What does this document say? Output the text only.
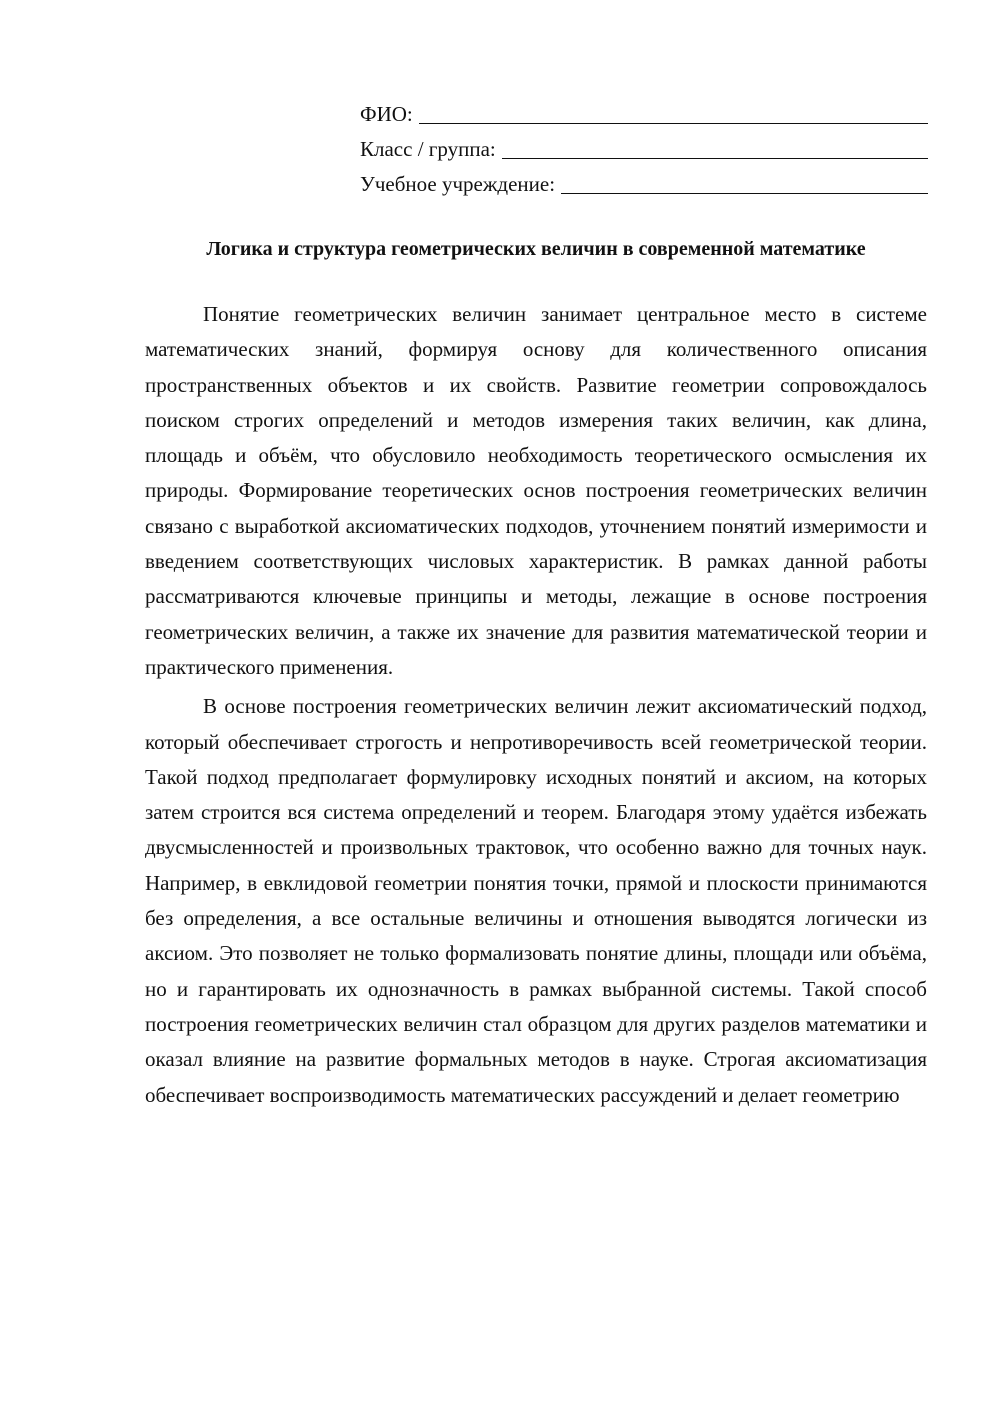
ФИО:
Класс / группа:
Учебное учреждение:
Логика и структура геометрических величин в современной математике

Понятие геометрических величин занимает центральное место в системе математических знаний, формируя основу для количественного описания пространственных объектов и их свойств. Развитие геометрии сопровождалось поиском строгих определений и методов измерения таких величин, как длина, площадь и объём, что обусловило необходимость теоретического осмысления их природы. Формирование теоретических основ построения геометрических величин связано с выработкой аксиоматических подходов, уточнением понятий измеримости и введением соответствующих числовых характеристик. В рамках данной работы рассматриваются ключевые принципы и методы, лежащие в основе построения геометрических величин, а также их значение для развития математической теории и практического применения.

В основе построения геометрических величин лежит аксиоматический подход, который обеспечивает строгость и непротиворечивость всей геометрической теории. Такой подход предполагает формулировку исходных понятий и аксиом, на которых затем строится вся система определений и теорем. Благодаря этому удаётся избежать двусмысленностей и произвольных трактовок, что особенно важно для точных наук. Например, в евклидовой геометрии понятия точки, прямой и плоскости принимаются без определения, а все остальные величины и отношения выводятся логически из аксиом. Это позволяет не только формализовать понятие длины, площади или объёма, но и гарантировать их однозначность в рамках выбранной системы. Такой способ построения геометрических величин стал образцом для других разделов математики и оказал влияние на развитие формальных методов в науке. Строгая аксиоматизация обеспечивает воспроизводимость математических рассуждений и делает геометрию
